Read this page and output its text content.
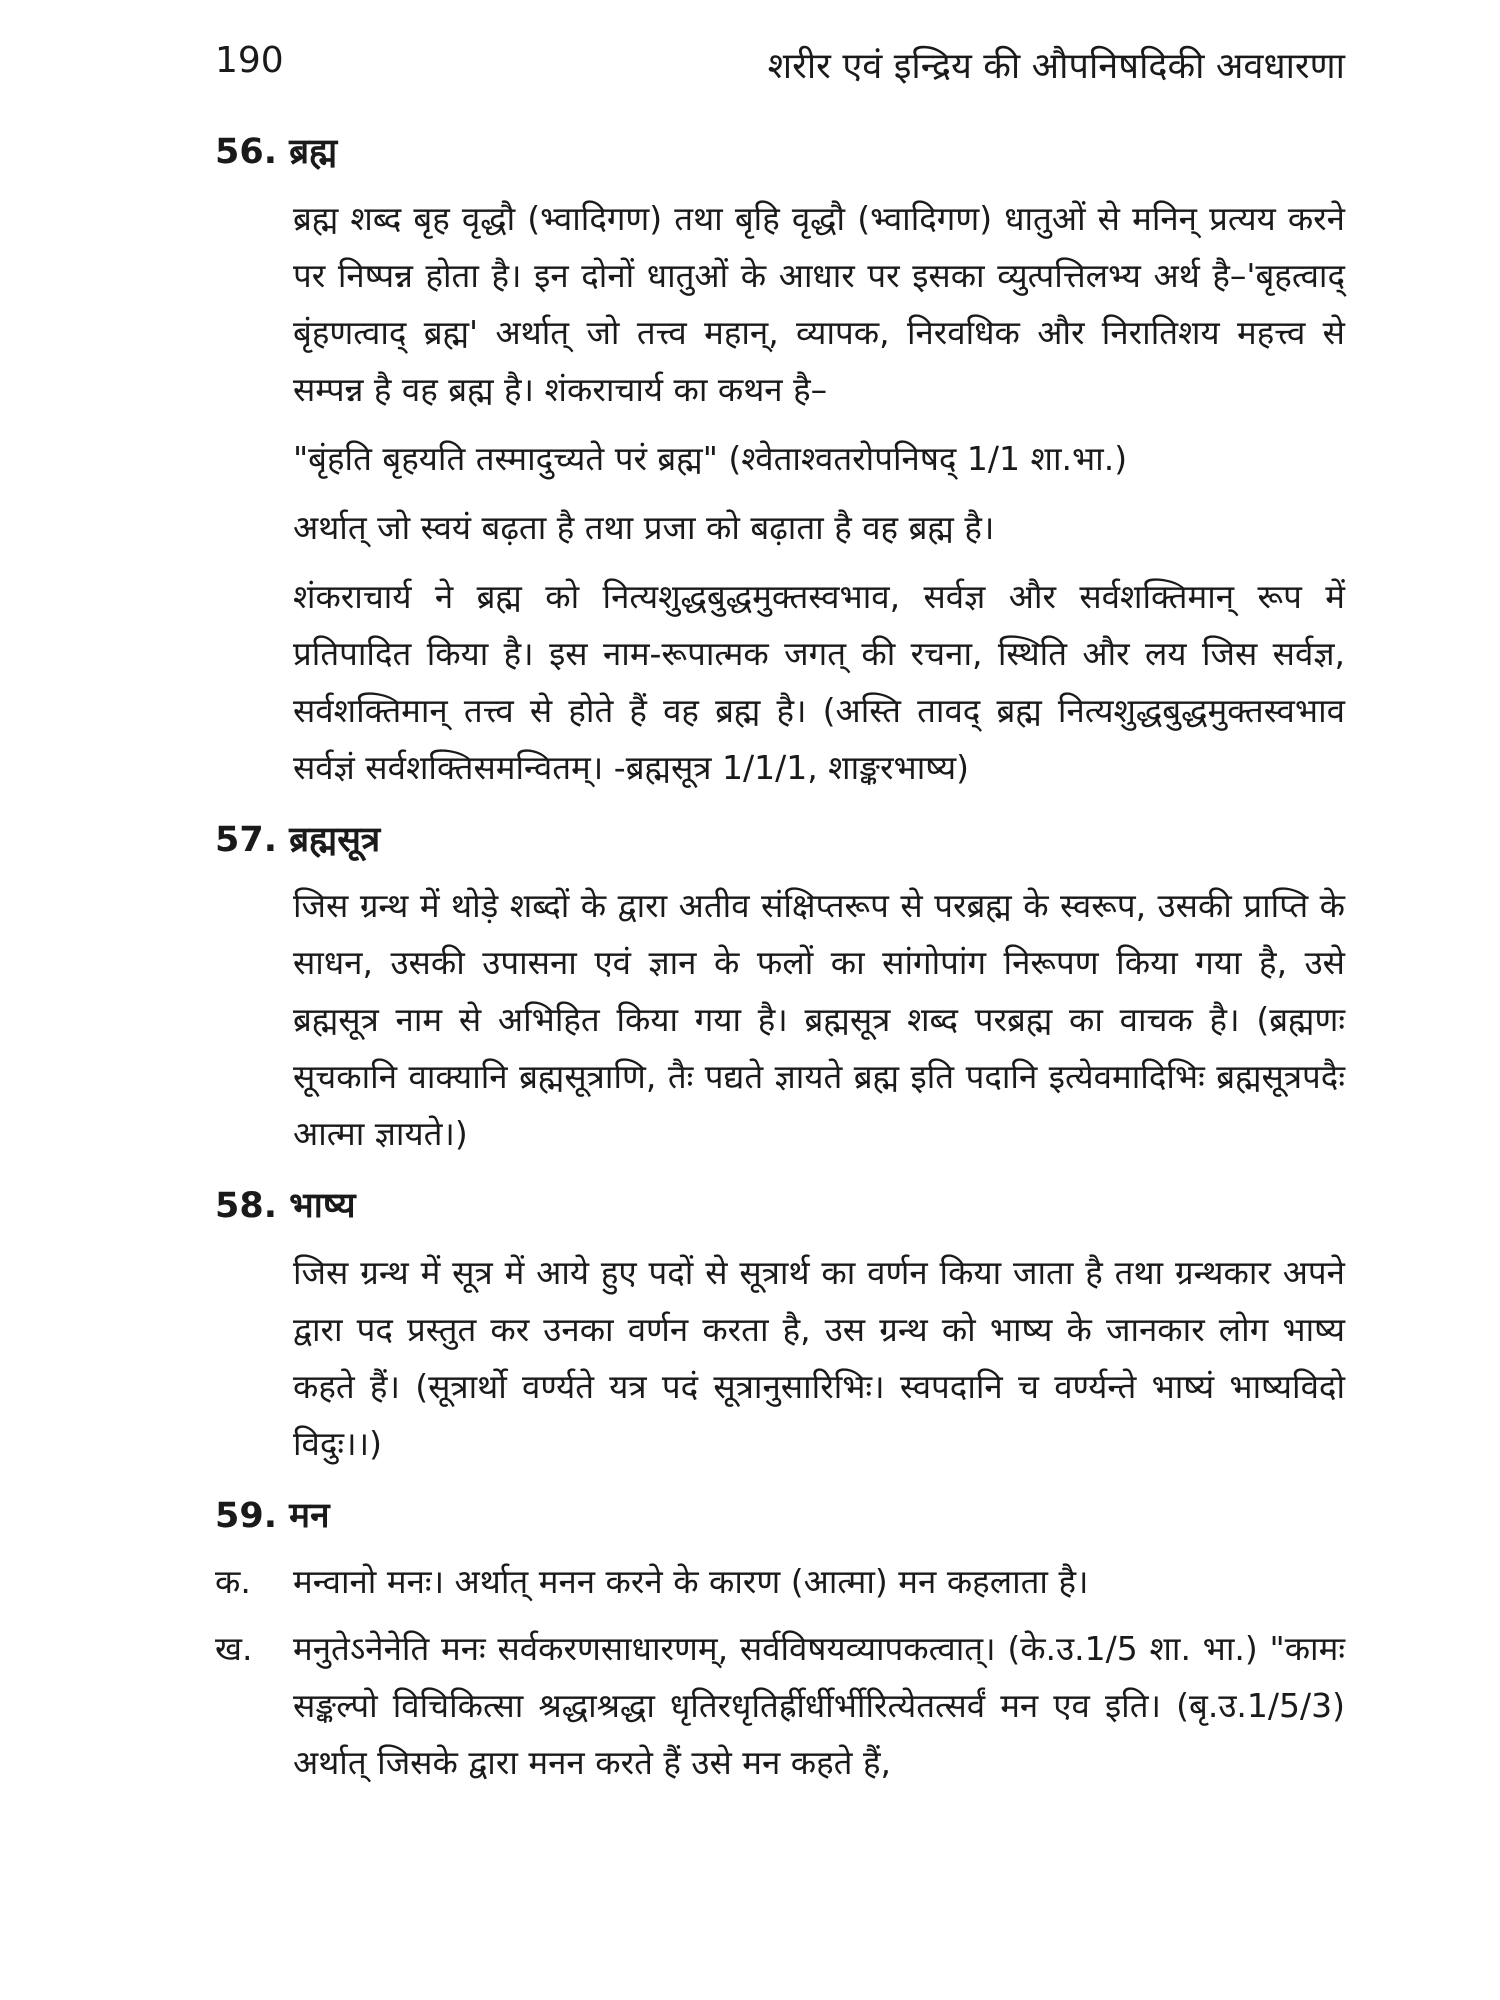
190	शरीर एवं इन्द्रिय की औपनिषदिकी अवधारणा
56. ब्रह्म

ब्रह्म शब्द बृह वृद्धौ (भ्वादिगण) तथा बृहि वृद्धौ (भ्वादिगण) धातुओं से मनिन् प्रत्यय करने पर निष्पन्न होता है। इन दोनों धातुओं के आधार पर इसका व्युत्पत्तिलभ्य अर्थ है–'बृहत्वाद् बृंहणत्वाद् ब्रह्म' अर्थात् जो तत्त्व महान्, व्यापक, निरवधिक और निरातिशय महत्त्व से सम्पन्न है वह ब्रह्म है। शंकराचार्य का कथन है–

"बृंहति बृहयति तस्मादुच्यते परं ब्रह्म" (श्वेताश्वतरोपनिषद् 1/1 शा.भा.)

अर्थात् जो स्वयं बढ़ता है तथा प्रजा को बढ़ाता है वह ब्रह्म है।

शंकराचार्य ने ब्रह्म को नित्यशुद्धबुद्धमुक्तस्वभाव, सर्वज्ञ और सर्वशक्तिमान् रूप में प्रतिपादित किया है। इस नाम-रूपात्मक जगत् की रचना, स्थिति और लय जिस सर्वज्ञ, सर्वशक्तिमान् तत्त्व से होते हैं वह ब्रह्म है। (अस्ति तावद् ब्रह्म नित्यशुद्धबुद्धमुक्तस्वभाव सर्वज्ञं सर्वशक्तिसमन्वितम्। -ब्रह्मसूत्र 1/1/1, शाङ्करभाष्य)

57. ब्रह्मसूत्र

जिस ग्रन्थ में थोड़े शब्दों के द्वारा अतीव संक्षिप्तरूप से परब्रह्म के स्वरूप, उसकी प्राप्ति के साधन, उसकी उपासना एवं ज्ञान के फलों का सांगोपांग निरूपण किया गया है, उसे ब्रह्मसूत्र नाम से अभिहित किया गया है। ब्रह्मसूत्र शब्द परब्रह्म का वाचक है। (ब्रह्मणः सूचकानि वाक्यानि ब्रह्मसूत्राणि, तैः पद्यते ज्ञायते ब्रह्म इति पदानि इत्येवमादिभिः ब्रह्मसूत्रपदैः आत्मा ज्ञायते।)

58. भाष्य

जिस ग्रन्थ में सूत्र में आये हुए पदों से सूत्रार्थ का वर्णन किया जाता है तथा ग्रन्थकार अपने द्वारा पद प्रस्तुत कर उनका वर्णन करता है, उस ग्रन्थ को भाष्य के जानकार लोग भाष्य कहते हैं। (सूत्रार्थो वर्ण्यते यत्र पदं सूत्रानुसारिभिः। स्वपदानि च वर्ण्यन्ते भाष्यं भाष्यविदो विदुः।।)

59. मन
क.	मन्वानो मनः। अर्थात् मनन करने के कारण (आत्मा) मन कहलाता है।
ख.	मनुतेऽनेनेति मनः सर्वकरणसाधारणम्, सर्वविषयव्यापकत्वात्। (के.उ.1/5 शा. भा.) "कामः सङ्कल्पो विचिकित्सा श्रद्धाश्रद्धा धृतिरधृतिर्ह्रीर्धीर्भीरित्येतत्सर्वं मन एव इति। (बृ.उ.1/5/3) अर्थात् जिसके द्वारा मनन करते हैं उसे मन कहते हैं,
